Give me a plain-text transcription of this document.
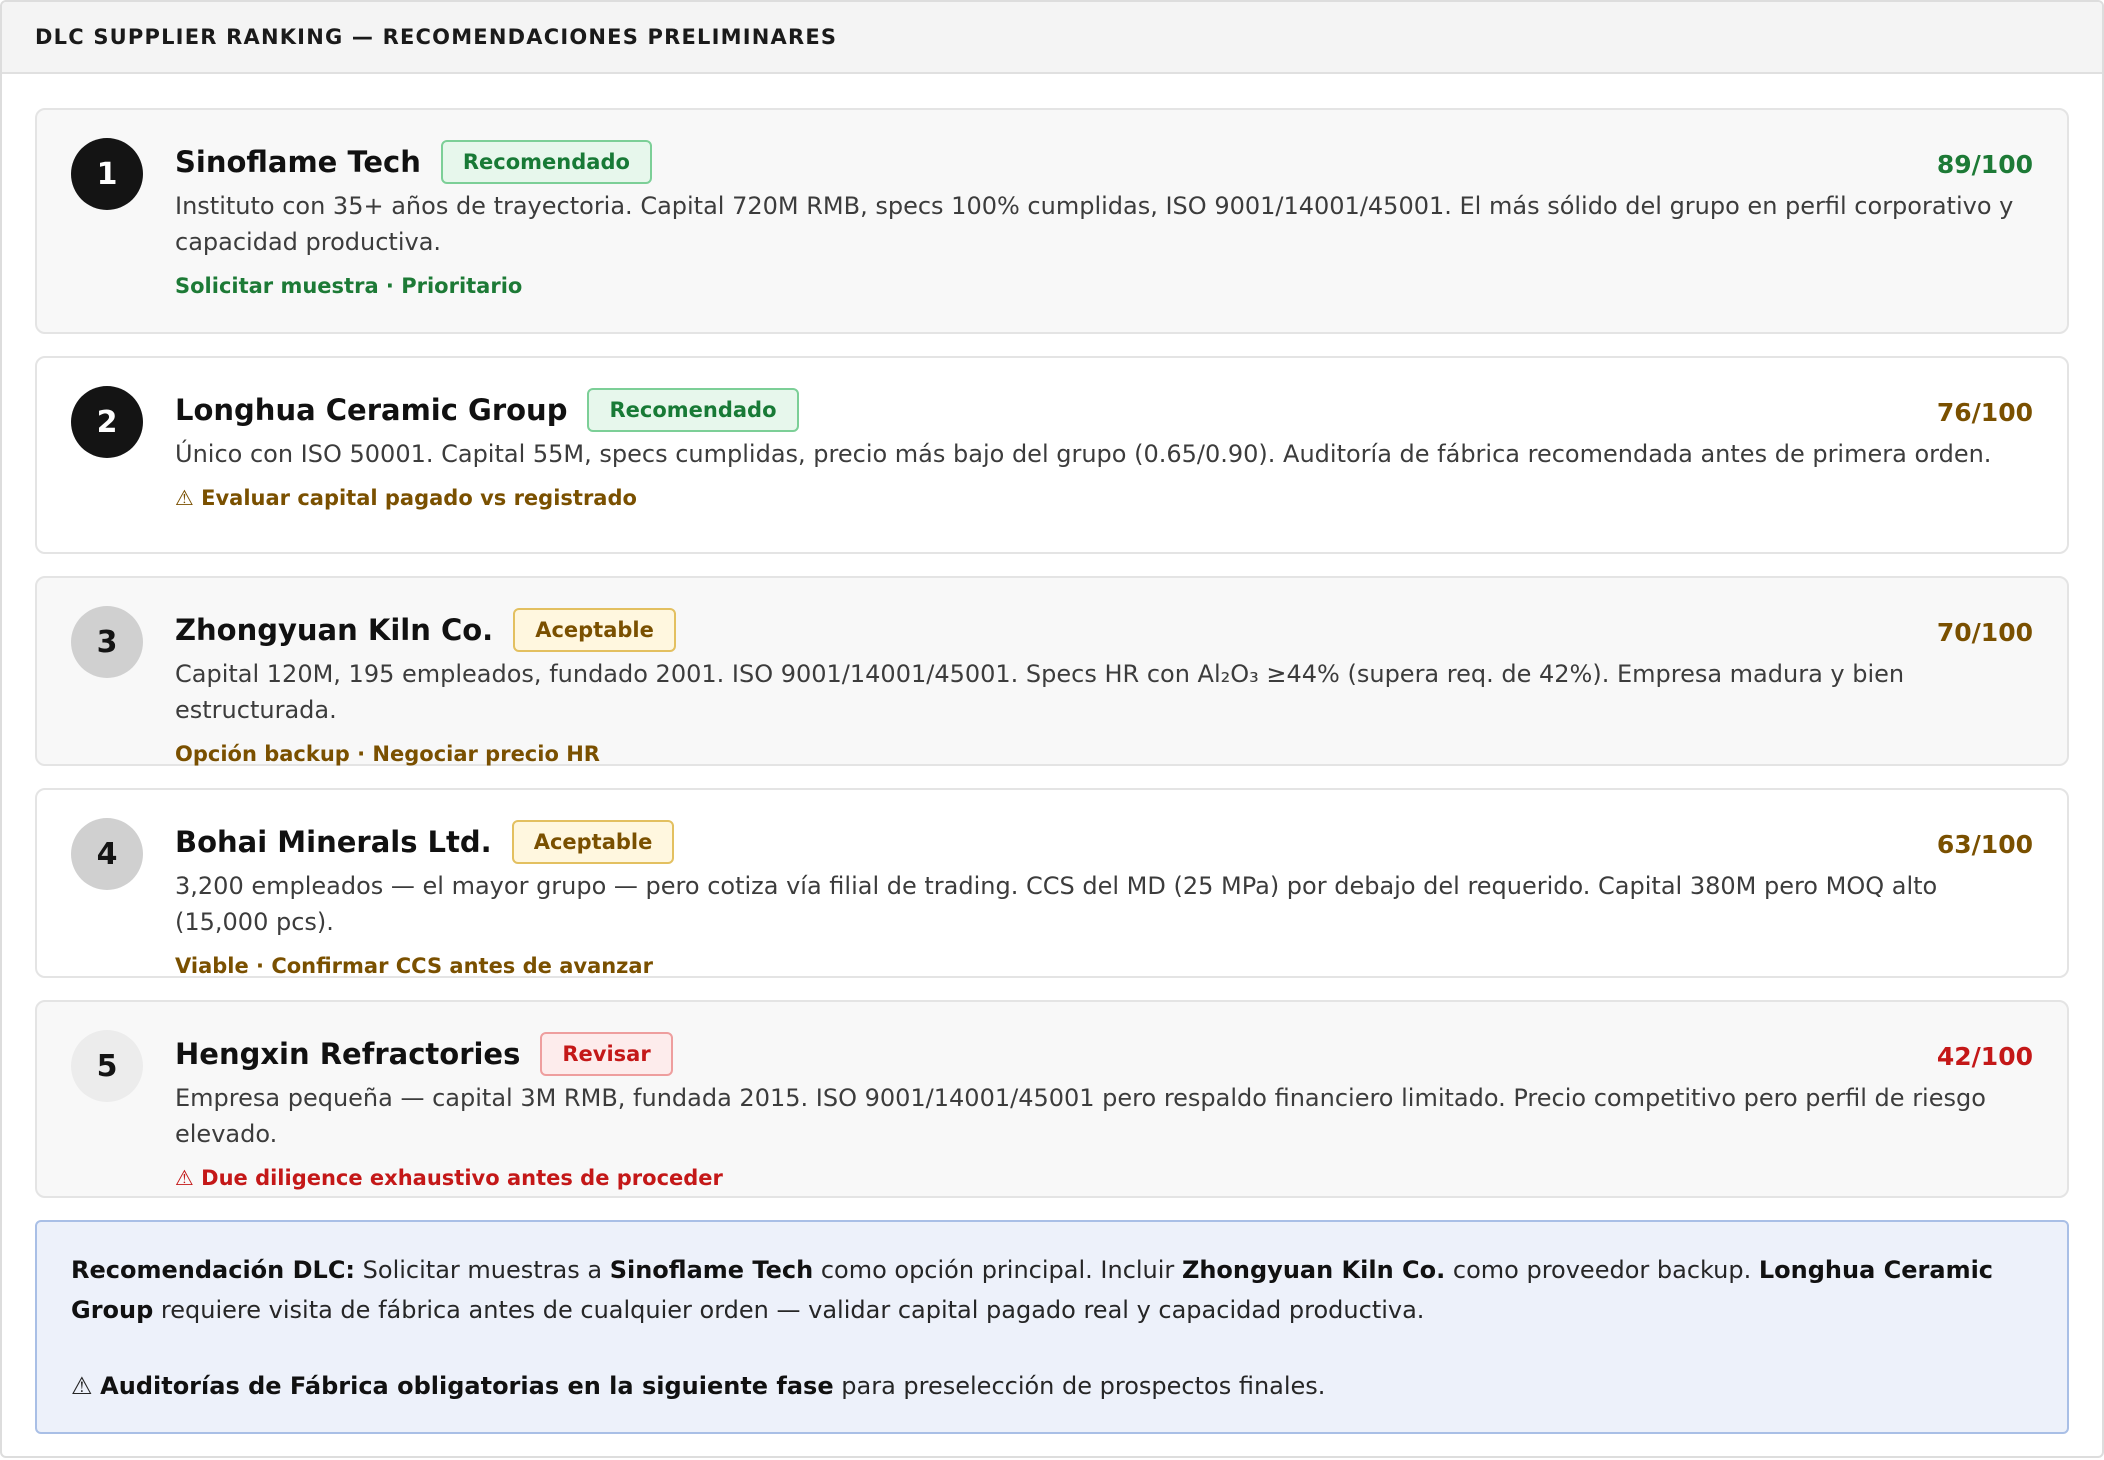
DLC SUPPLIER RANKING — RECOMENDACIONES PRELIMINARES
1	Sinoflame Tech	Recomendado	89/100
Instituto con 35+ años de trayectoria. Capital 720M RMB, specs 100% cumplidas, ISO 9001/14001/45001. El más sólido del grupo en perfil corporativo y capacidad productiva.
Solicitar muestra · Prioritario
2	Longhua Ceramic Group	Recomendado	76/100
Único con ISO 50001. Capital 55M, specs cumplidas, precio más bajo del grupo (0.65/0.90). Auditoría de fábrica recomendada antes de primera orden.
⚠ Evaluar capital pagado vs registrado
3	Zhongyuan Kiln Co.	Aceptable	70/100
Capital 120M, 195 empleados, fundado 2001. ISO 9001/14001/45001. Specs HR con Al₂O₃ ≥44% (supera req. de 42%). Empresa madura y bien estructurada.
Opción backup · Negociar precio HR
4	Bohai Minerals Ltd.	Aceptable	63/100
3,200 empleados — el mayor grupo — pero cotiza vía filial de trading. CCS del MD (25 MPa) por debajo del requerido. Capital 380M pero MOQ alto (15,000 pcs).
Viable · Confirmar CCS antes de avanzar
5	Hengxin Refractories	Revisar	42/100
Empresa pequeña — capital 3M RMB, fundada 2015. ISO 9001/14001/45001 pero respaldo financiero limitado. Precio competitivo pero perfil de riesgo elevado.
⚠ Due diligence exhaustivo antes de proceder
Recomendación DLC: Solicitar muestras a Sinoflame Tech como opción principal. Incluir Zhongyuan Kiln Co. como proveedor backup. Longhua Ceramic Group requiere visita de fábrica antes de cualquier orden — validar capital pagado real y capacidad productiva.
⚠ Auditorías de Fábrica obligatorias en la siguiente fase para preselección de prospectos finales.
